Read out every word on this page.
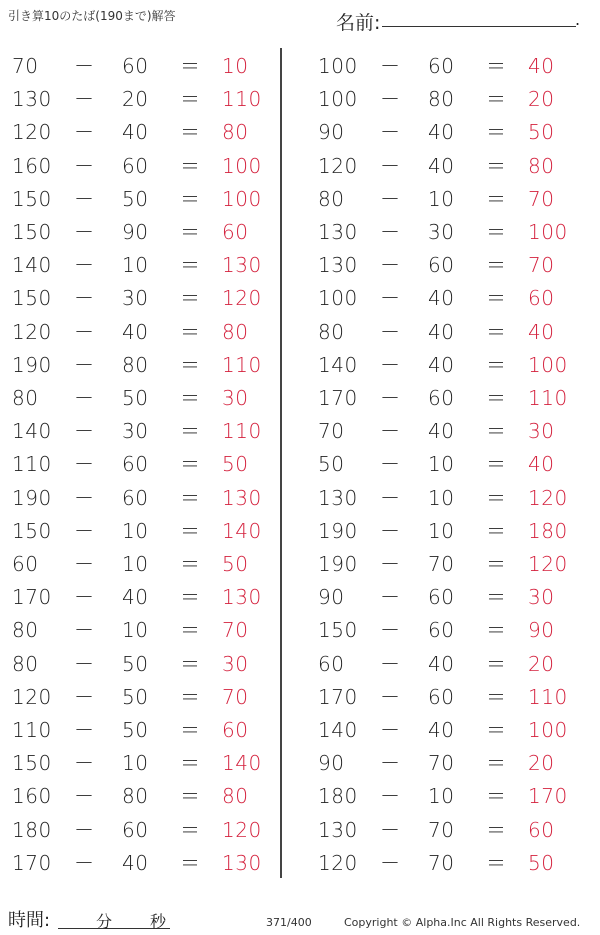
引き算10のたば(190まで)解答	名前:	.
70 － 60 ＝ 10
130 － 20 ＝ 110
120 － 40 ＝ 80
160 － 60 ＝ 100
150 － 50 ＝ 100
150 － 90 ＝ 60
140 － 10 ＝ 130
150 － 30 ＝ 120
120 － 40 ＝ 80
190 － 80 ＝ 110
80 － 50 ＝ 30
140 － 30 ＝ 110
110 － 60 ＝ 50
190 － 60 ＝ 130
150 － 10 ＝ 140
60 － 10 ＝ 50
170 － 40 ＝ 130
80 － 10 ＝ 70
80 － 50 ＝ 30
120 － 50 ＝ 70
110 － 50 ＝ 60
150 － 10 ＝ 140
160 － 80 ＝ 80
180 － 60 ＝ 120
170 － 40 ＝ 130
100 － 60 ＝ 40
100 － 80 ＝ 20
90 － 40 ＝ 50
120 － 40 ＝ 80
80 － 10 ＝ 70
130 － 30 ＝ 100
130 － 60 ＝ 70
100 － 40 ＝ 60
80 － 40 ＝ 40
140 － 40 ＝ 100
170 － 60 ＝ 110
70 － 40 ＝ 30
50 － 10 ＝ 40
130 － 10 ＝ 120
190 － 10 ＝ 180
190 － 70 ＝ 120
90 － 60 ＝ 30
150 － 60 ＝ 90
60 － 40 ＝ 20
170 － 60 ＝ 110
140 － 40 ＝ 100
90 － 70 ＝ 20
180 － 10 ＝ 170
130 － 70 ＝ 60
120 － 70 ＝ 50
時間:	分 秒	371/400	Copyright © Alpha.Inc All Rights Reserved.
